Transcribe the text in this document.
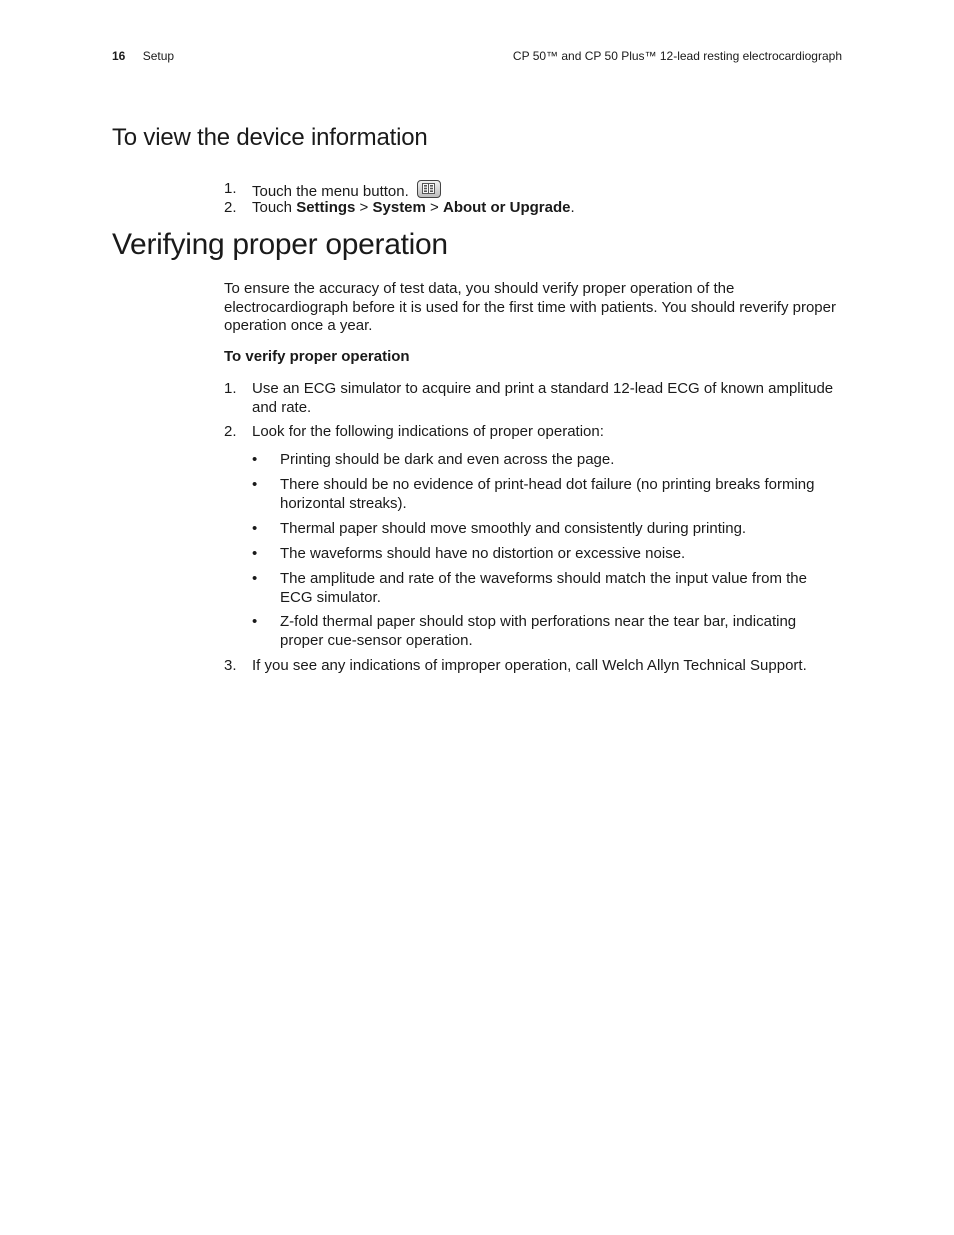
16 Setup	CP 50™ and CP 50 Plus™ 12-lead resting electrocardiograph
To view the device information
1. Touch the menu button.
2. Touch Settings > System > About or Upgrade.
Verifying proper operation
To ensure the accuracy of test data, you should verify proper operation of the electrocardiograph before it is used for the first time with patients. You should reverify proper operation once a year.
To verify proper operation
1. Use an ECG simulator to acquire and print a standard 12-lead ECG of known amplitude and rate.
2. Look for the following indications of proper operation:
• Printing should be dark and even across the page.
• There should be no evidence of print-head dot failure (no printing breaks forming horizontal streaks).
• Thermal paper should move smoothly and consistently during printing.
• The waveforms should have no distortion or excessive noise.
• The amplitude and rate of the waveforms should match the input value from the ECG simulator.
• Z-fold thermal paper should stop with perforations near the tear bar, indicating proper cue-sensor operation.
3. If you see any indications of improper operation, call Welch Allyn Technical Support.
